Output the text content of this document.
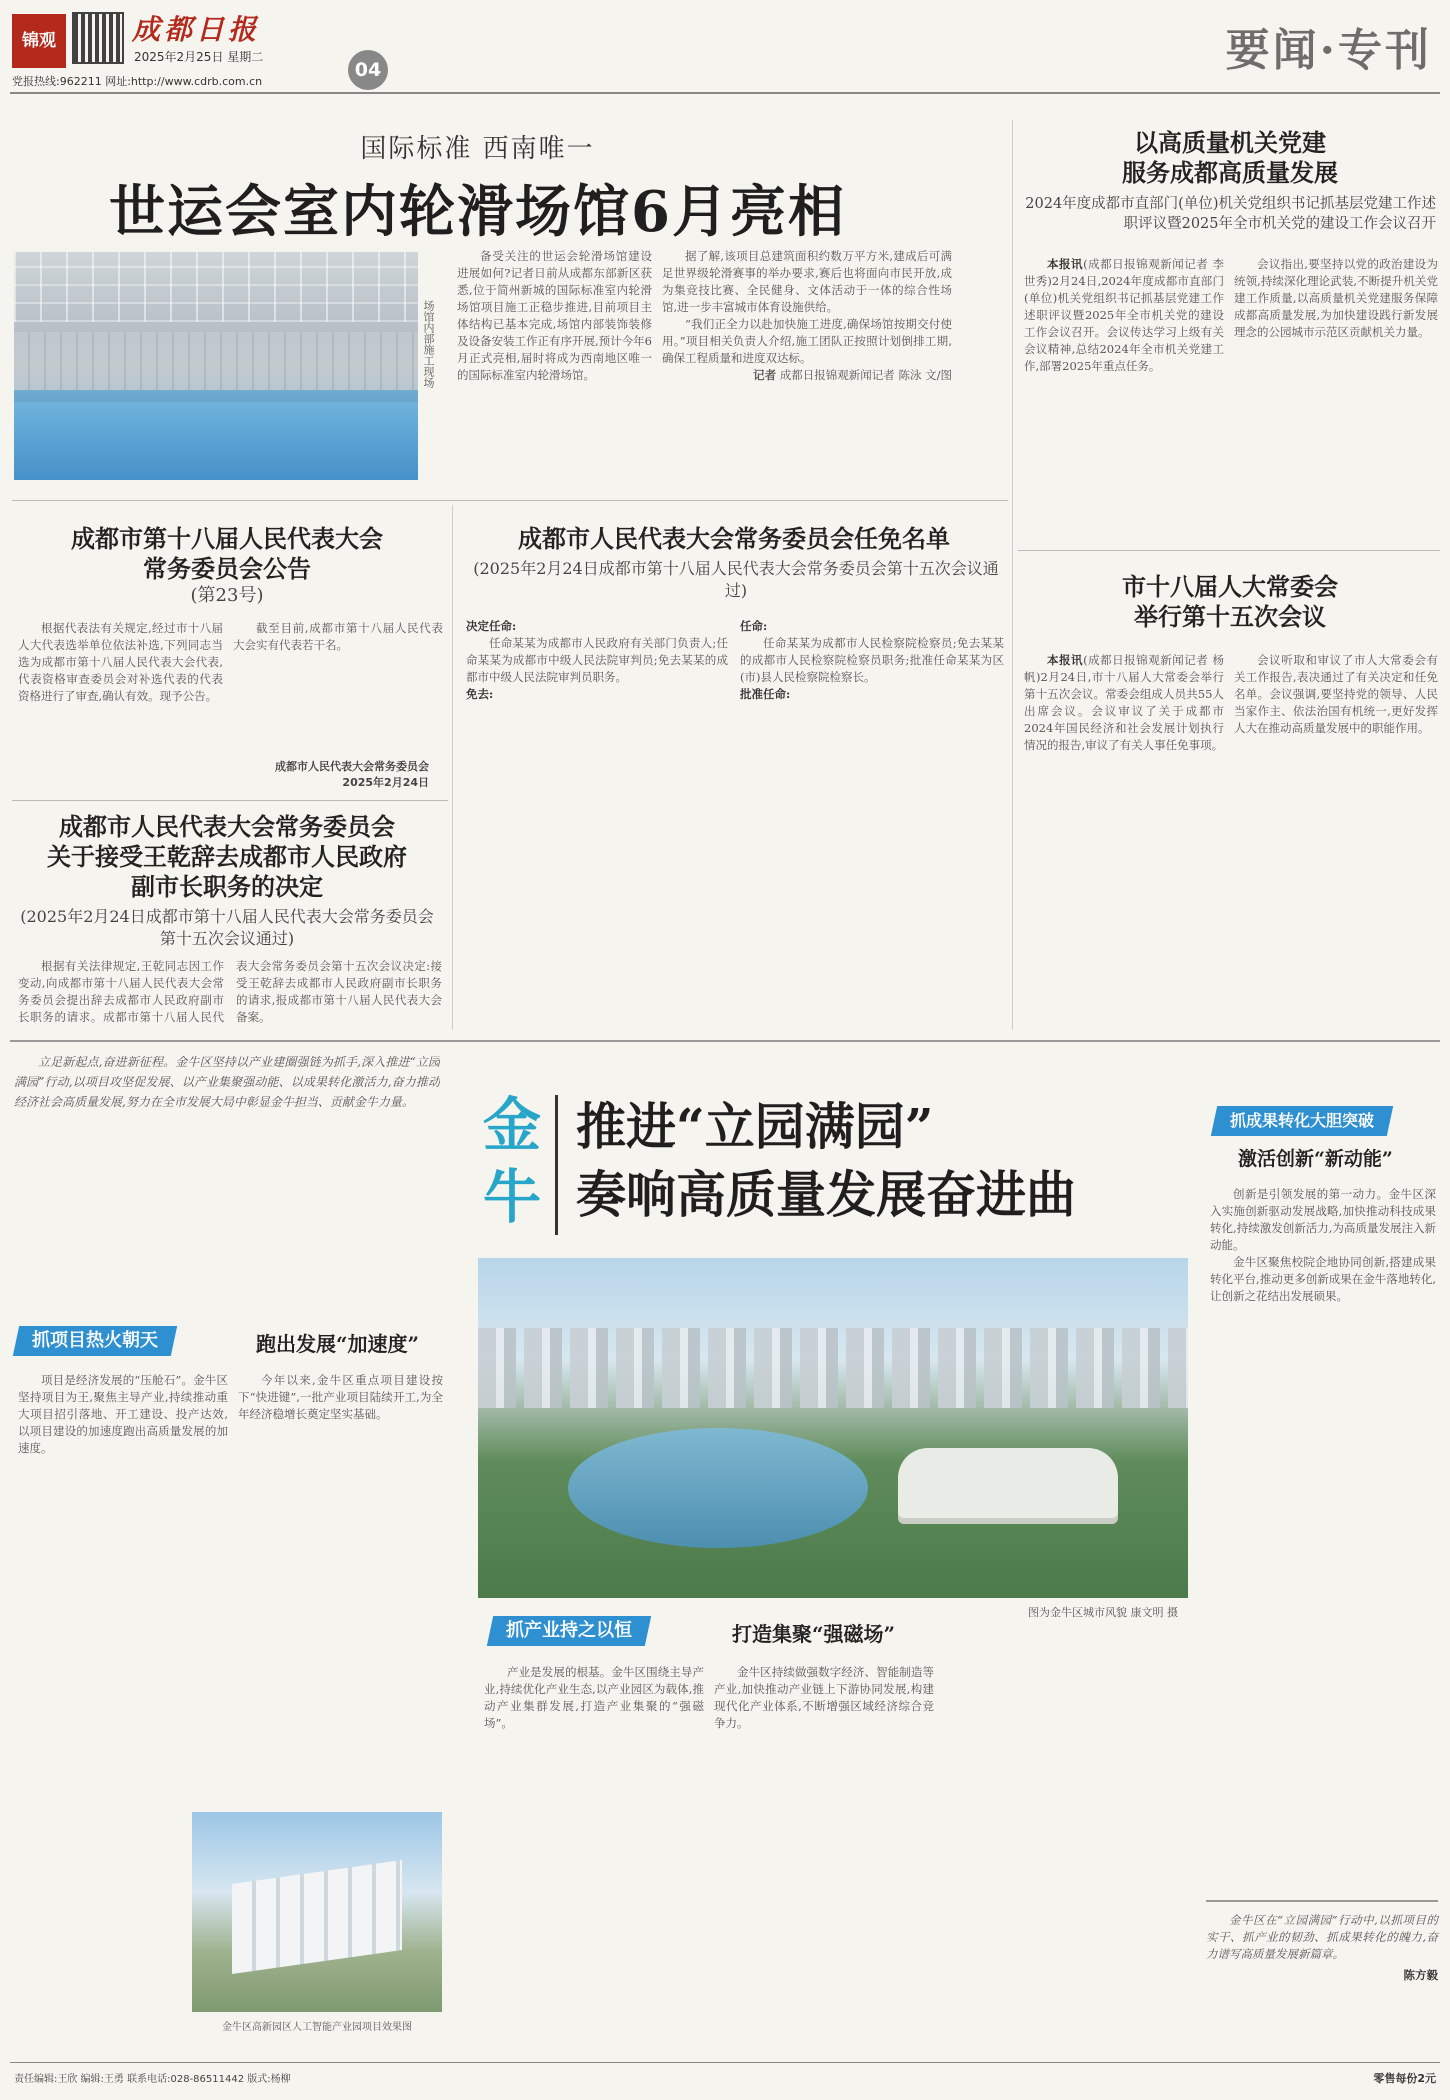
锦观	成都日报
2025年2月25日 星期二
04
党报热线:962211 网址:http://www.cdrb.com.cn
要闻·专刊
国际标准 西南唯一
世运会室内轮滑场馆6月亮相
场馆内部施工现场

备受关注的世运会轮滑场馆建设进展如何?记者日前从成都东部新区获悉,位于简州新城的国际标准室内轮滑场馆项目施工正稳步推进,目前项目主体结构已基本完成,场馆内部装饰装修及设备安装工作正有序开展,预计今年6月正式亮相,届时将成为西南地区唯一的国际标准室内轮滑场馆。

据了解,该项目总建筑面积约数万平方米,建成后可满足世界级轮滑赛事的举办要求,赛后也将面向市民开放,成为集竞技比赛、全民健身、文体活动于一体的综合性场馆,进一步丰富城市体育设施供给。

“我们正全力以赴加快施工进度,确保场馆按期交付使用。”项目相关负责人介绍,施工团队正按照计划倒排工期,确保工程质量和进度双达标。

记者 成都日报锦观新闻记者 陈泳 文/图

以高质量机关党建
服务成都高质量发展
2024年度成都市直部门(单位)机关党组织书记抓基层党建工作述职评议暨2025年全市机关党的建设工作会议召开

本报讯(成都日报锦观新闻记者 李世秀)2月24日,2024年度成都市直部门(单位)机关党组织书记抓基层党建工作述职评议暨2025年全市机关党的建设工作会议召开。会议传达学习上级有关会议精神,总结2024年全市机关党建工作,部署2025年重点任务。

会议指出,要坚持以党的政治建设为统领,持续深化理论武装,不断提升机关党建工作质量,以高质量机关党建服务保障成都高质量发展,为加快建设践行新发展理念的公园城市示范区贡献机关力量。

市十八届人大常委会
举行第十五次会议

本报讯(成都日报锦观新闻记者 杨帆)2月24日,市十八届人大常委会举行第十五次会议。常委会组成人员共55人出席会议。会议审议了关于成都市2024年国民经济和社会发展计划执行情况的报告,审议了有关人事任免事项。

会议听取和审议了市人大常委会有关工作报告,表决通过了有关决定和任免名单。会议强调,要坚持党的领导、人民当家作主、依法治国有机统一,更好发挥人大在推动高质量发展中的职能作用。

成都市第十八届人民代表大会
常务委员会公告
(第23号)

根据代表法有关规定,经过市十八届人大代表选举单位依法补选,下列同志当选为成都市第十八届人民代表大会代表,代表资格审查委员会对补选代表的代表资格进行了审查,确认有效。现予公告。

截至目前,成都市第十八届人民代表大会实有代表若干名。

成都市人民代表大会常务委员会
2025年2月24日
成都市人民代表大会常务委员会
关于接受王乾辞去成都市人民政府
副市长职务的决定
(2025年2月24日成都市第十八届人民代表大会常务委员会第十五次会议通过)

根据有关法律规定,王乾同志因工作变动,向成都市第十八届人民代表大会常务委员会提出辞去成都市人民政府副市长职务的请求。成都市第十八届人民代表大会常务委员会第十五次会议决定:接受王乾辞去成都市人民政府副市长职务的请求,报成都市第十八届人民代表大会备案。

成都市人民代表大会常务委员会任免名单
(2025年2月24日成都市第十八届人民代表大会常务委员会第十五次会议通过)

决定任命:

任命某某为成都市人民政府有关部门负责人;任命某某为成都市中级人民法院审判员;免去某某的成都市中级人民法院审判员职务。

免去:

任命:

任命某某为成都市人民检察院检察员;免去某某的成都市人民检察院检察员职务;批准任命某某为区(市)县人民检察院检察长。

批准任命:

立足新起点,奋进新征程。金牛区坚持以产业建圈强链为抓手,深入推进“立园满园”行动,以项目攻坚促发展、以产业集聚强动能、以成果转化激活力,奋力推动经济社会高质量发展,努力在全市发展大局中彰显金牛担当、贡献金牛力量。	金
牛
推进“立园满园”
奏响高质量发展奋进曲
图为金牛区城市风貌 康文明 摄
抓项目热火朝天	跑出发展“加速度”

项目是经济发展的“压舱石”。金牛区坚持项目为王,聚焦主导产业,持续推动重大项目招引落地、开工建设、投产达效,以项目建设的加速度跑出高质量发展的加速度。

今年以来,金牛区重点项目建设按下“快进键”,一批产业项目陆续开工,为全年经济稳增长奠定坚实基础。

金牛区高新园区人工智能产业园项目效果图
抓产业持之以恒	打造集聚“强磁场”

产业是发展的根基。金牛区围绕主导产业,持续优化产业生态,以产业园区为载体,推动产业集群发展,打造产业集聚的“强磁场”。

金牛区持续做强数字经济、智能制造等产业,加快推动产业链上下游协同发展,构建现代化产业体系,不断增强区域经济综合竞争力。

抓成果转化大胆突破
激活创新“新动能”

创新是引领发展的第一动力。金牛区深入实施创新驱动发展战略,加快推动科技成果转化,持续激发创新活力,为高质量发展注入新动能。

金牛区聚焦校院企地协同创新,搭建成果转化平台,推动更多创新成果在金牛落地转化,让创新之花结出发展硕果。

金牛区在“立园满园”行动中,以抓项目的实干、抓产业的韧劲、抓成果转化的魄力,奋力谱写高质量发展新篇章。

陈方毅

责任编辑:王欣 编辑:王勇 联系电话:028-86511442 版式:杨柳	零售每份2元
